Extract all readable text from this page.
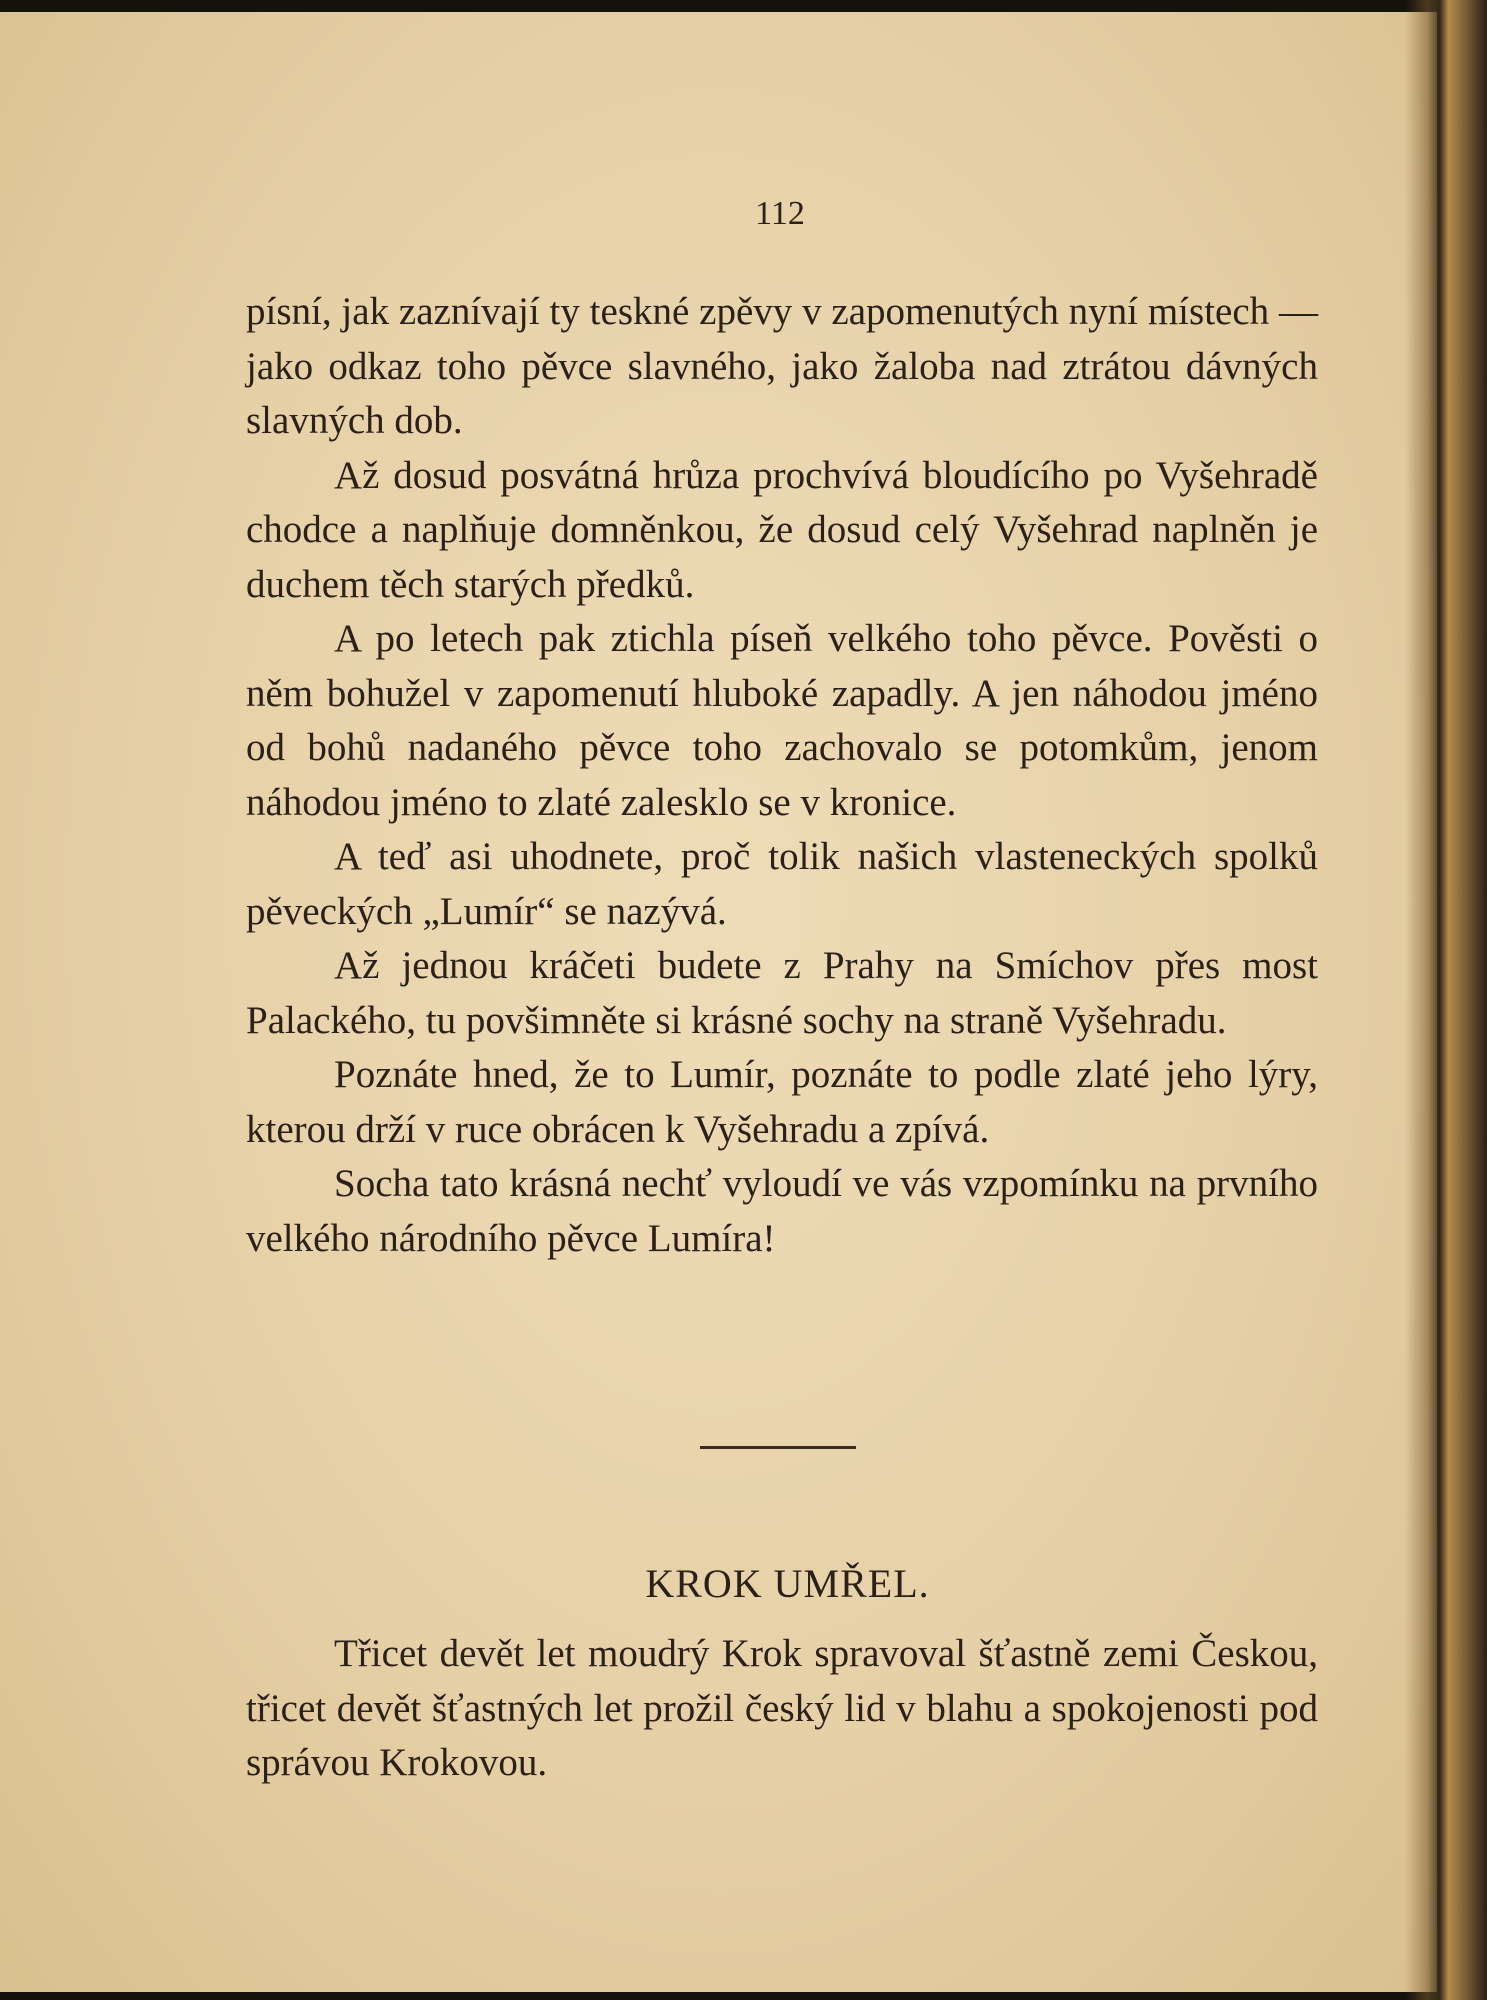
112

písní, jak zaznívají ty teskné zpěvy v zapomenutých nyní místech — jako odkaz toho pěvce slavného, jako žaloba nad ztrátou dávných slavných dob.

Až dosud posvátná hrůza prochvívá bloudícího po Vyšehradě chodce a naplňuje domněnkou, že dosud celý Vyšehrad naplněn je duchem těch starých předků.

A po letech pak ztichla píseň velkého toho pěvce. Pověsti o něm bohužel v zapomenutí hluboké zapadly. A jen náhodou jméno od bohů nadaného pěvce toho zachovalo se potomkům, jenom náhodou jméno to zlaté zalesklo se v kronice.

A teď asi uhodnete, proč tolik našich vlasteneckých spolků pěveckých „Lumír“ se nazývá.

Až jednou kráčeti budete z Prahy na Smíchov přes most Palackého, tu povšimněte si krásné sochy na straně Vyšehradu.

Poznáte hned, že to Lumír, poznáte to podle zlaté jeho lýry, kterou drží v ruce obrácen k Vyšehradu a zpívá.

Socha tato krásná nechť vyloudí ve vás vzpomínku na prvního velkého národního pěvce Lumíra!

KROK UMŘEL.

Třicet devět let moudrý Krok spravoval šťastně zemi Českou, třicet devět šťastných let prožil český lid v blahu a spokojenosti pod správou Krokovou.
